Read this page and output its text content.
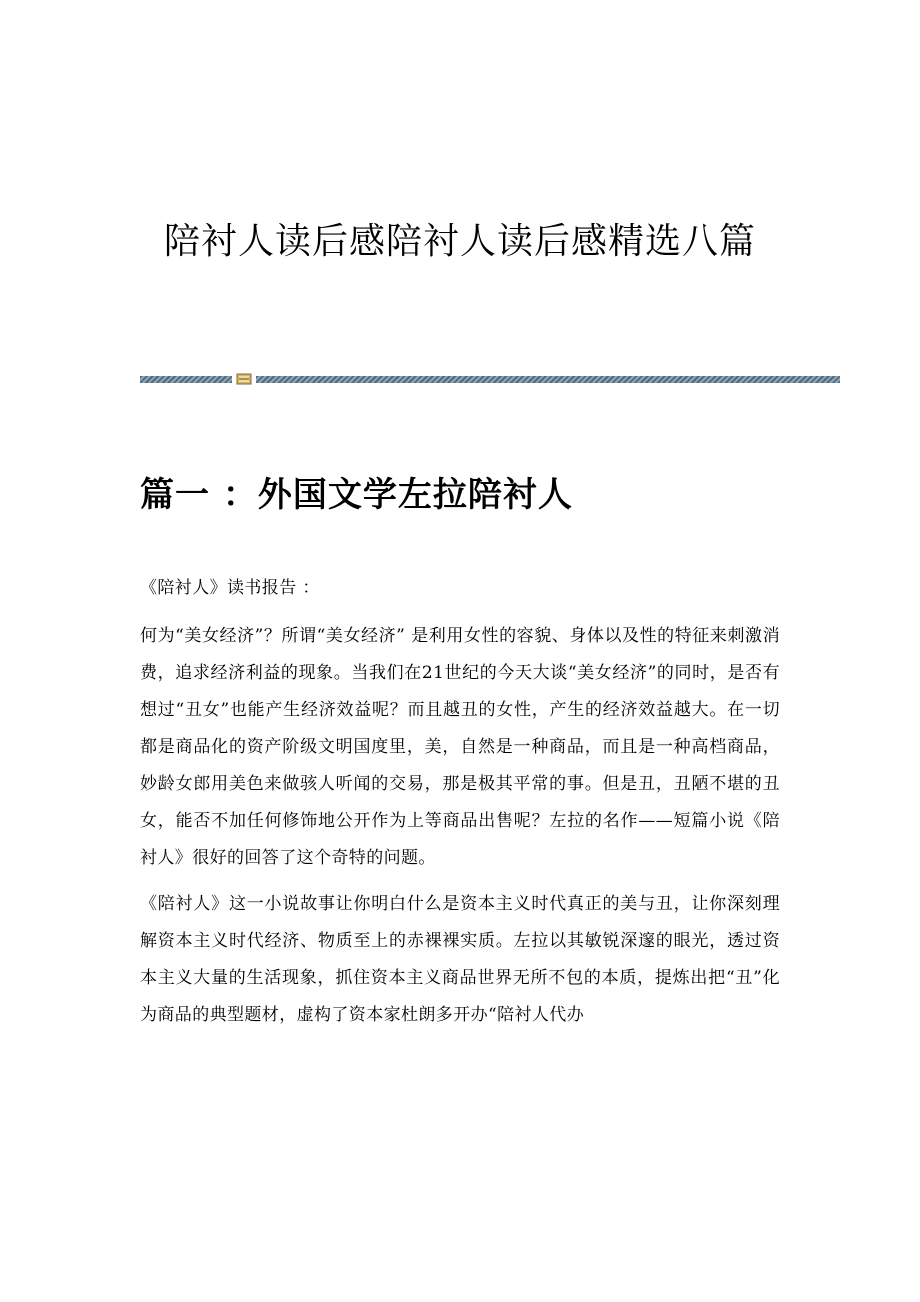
陪衬人读后感陪衬人读后感精选八篇
篇一 ：外国文学左拉陪衬人

《陪衬人》读书报告 ：

何为“美女经济”？所谓“美女经济” 是利用女性的容貌、身体以及性的特征来刺激消费，追求经济利益的现象。当我们在21世纪的今天大谈“美女经济”的同时，是否有想过“丑女”也能产生经济效益呢？而且越丑的女性，产生的经济效益越大。在一切都是商品化的资产阶级文明国度里，美，自然是一种商品，而且是一种高档商品，妙龄女郎用美色来做骇人听闻的交易，那是极其平常的事。但是丑，丑陋不堪的丑女，能否不加任何修饰地公开作为上等商品出售呢？左拉的名作——短篇小说《陪衬人》很好的回答了这个奇特的问题。

《陪衬人》这一小说故事让你明白什么是资本主义时代真正的美与丑，让你深刻理解资本主义时代经济、物质至上的赤裸裸实质。左拉以其敏锐深邃的眼光，透过资本主义大量的生活现象，抓住资本主义商品世界无所不包的本质，提炼出把“丑”化为商品的典型题材，虚构了资本家杜朗多开办“陪衬人代办
